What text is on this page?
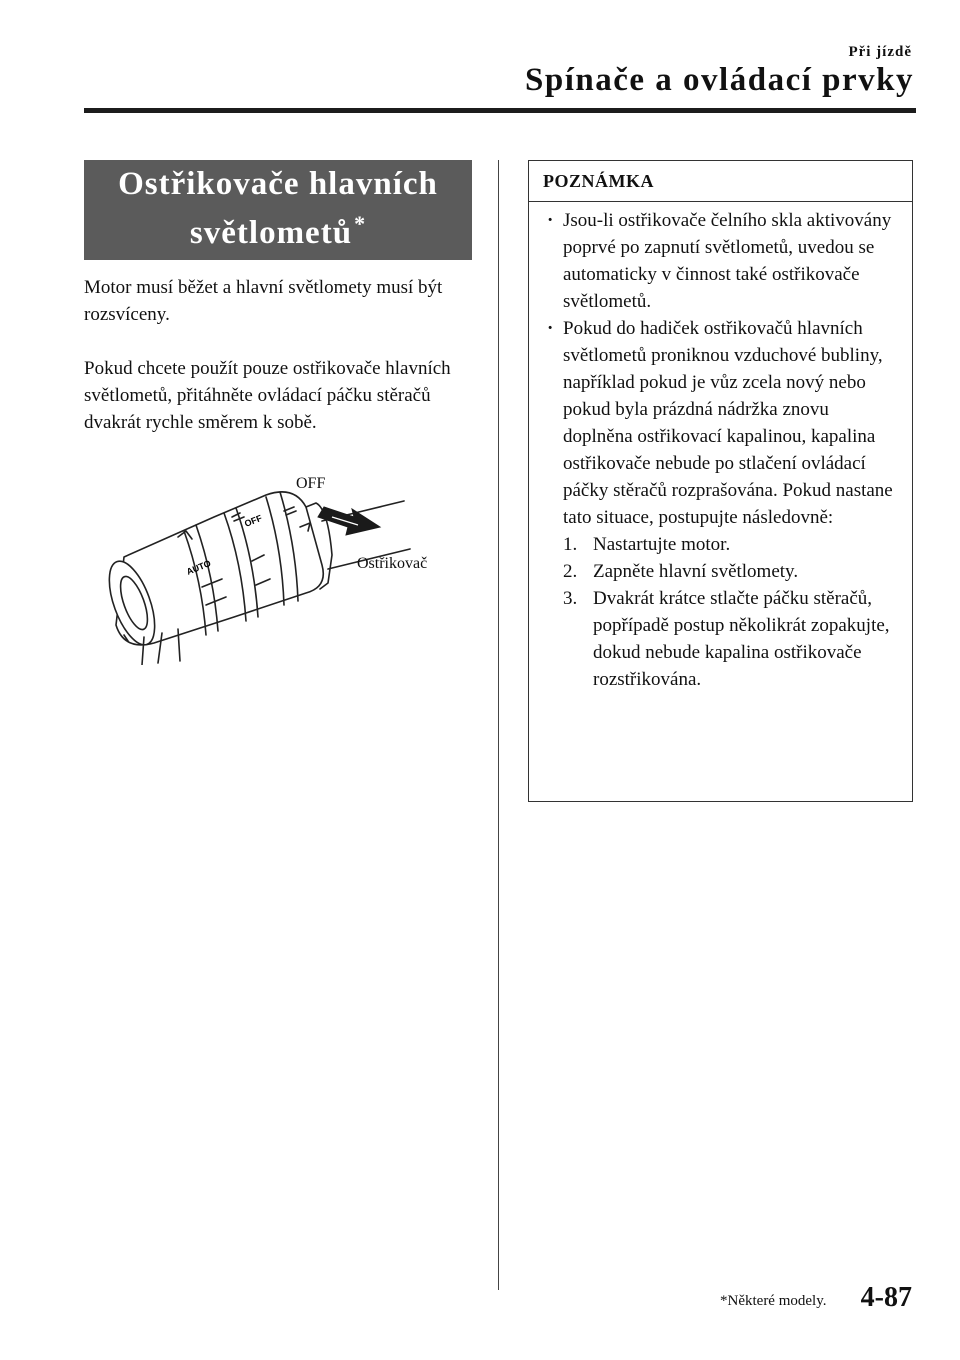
Při jízdě
Spínače a ovládací prvky
Ostřikovače hlavních
světlometů*

Motor musí běžet a hlavní světlomety musí být rozsvíceny.

Pokud chcete použít pouze ostřikovače hlavních světlometů, přitáhněte ovládací páčku stěračů dvakrát rychle směrem k sobě.

AUTO
OFF
OFF
Ostřikovač
POZNÁMKA

· Jsou-li ostřikovače čelního skla aktivovány poprvé po zapnutí světlometů, uvedou se automaticky v činnost také ostřikovače světlometů.

· Pokud do hadiček ostřikovačů hlavních světlometů proniknou vzduchové bubliny, například pokud je vůz zcela nový nebo pokud byla prázdná nádržka znovu doplněna ostřikovací kapalinou, kapalina ostřikovače nebude po stlačení ovládací páčky stěračů rozprašována. Pokud nastane tato situace, postupujte následovně:

1. Nastartujte motor.
2. Zapněte hlavní světlomety.
3. Dvakrát krátce stlačte páčku stěračů, popřípadě postup několikrát zopakujte, dokud nebude kapalina ostřikovače rozstřikována.
*Některé modely. 4-87
